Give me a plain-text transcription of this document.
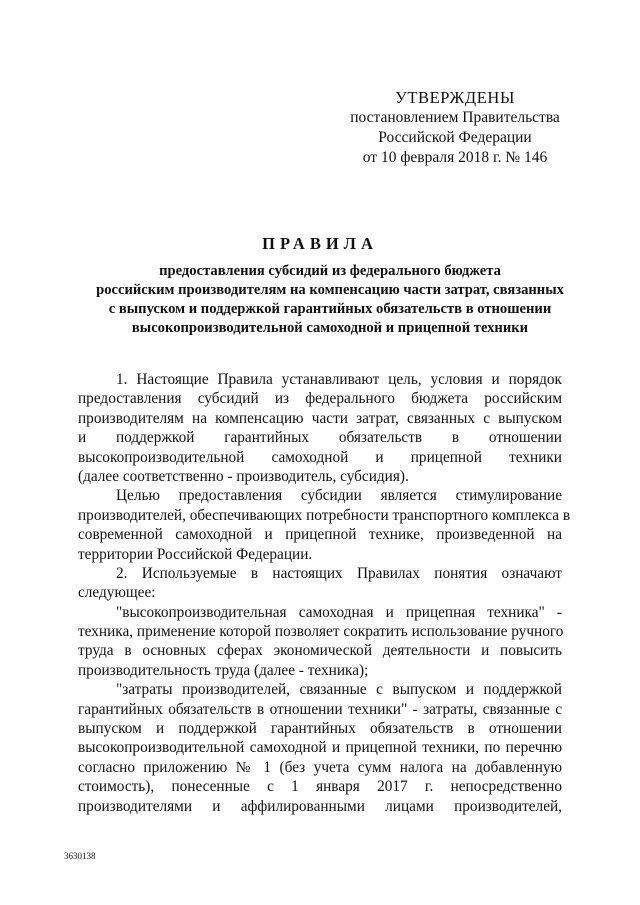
УТВЕРЖДЕНЫ
постановлением Правительства
Российской Федерации
от 10 февраля 2018 г. № 146
ПРАВИЛА
предоставления субсидий из федерального бюджета
российским производителям на компенсацию части затрат, связанных
с выпуском и поддержкой гарантийных обязательств в отношении
высокопроизводительной самоходной и прицепной техники
1. Настоящие Правила устанавливают цель, условия и порядок
предоставления субсидий из федерального бюджета российским
производителям на компенсацию части затрат, связанных с выпуском
и поддержкой гарантийных обязательств в отношении
высокопроизводительной самоходной и прицепной техники
(далее соответственно - производитель, субсидия).
Целью предоставления субсидии является стимулирование
производителей, обеспечивающих потребности транспортного комплекса в
современной самоходной и прицепной технике, произведенной на
территории Российской Федерации.
2. Используемые в настоящих Правилах понятия означают
следующее:
"высокопроизводительная самоходная и прицепная техника" -
техника, применение которой позволяет сократить использование ручного
труда в основных сферах экономической деятельности и повысить
производительность труда (далее - техника);
"затраты производителей, связанные с выпуском и поддержкой
гарантийных обязательств в отношении техники" - затраты, связанные с
выпуском и поддержкой гарантийных обязательств в отношении
высокопроизводительной самоходной и прицепной техники, по перечню
согласно приложению № 1 (без учета сумм налога на добавленную
стоимость), понесенные с 1 января 2017 г. непосредственно
производителями и аффилированными лицами производителей,
3630138
